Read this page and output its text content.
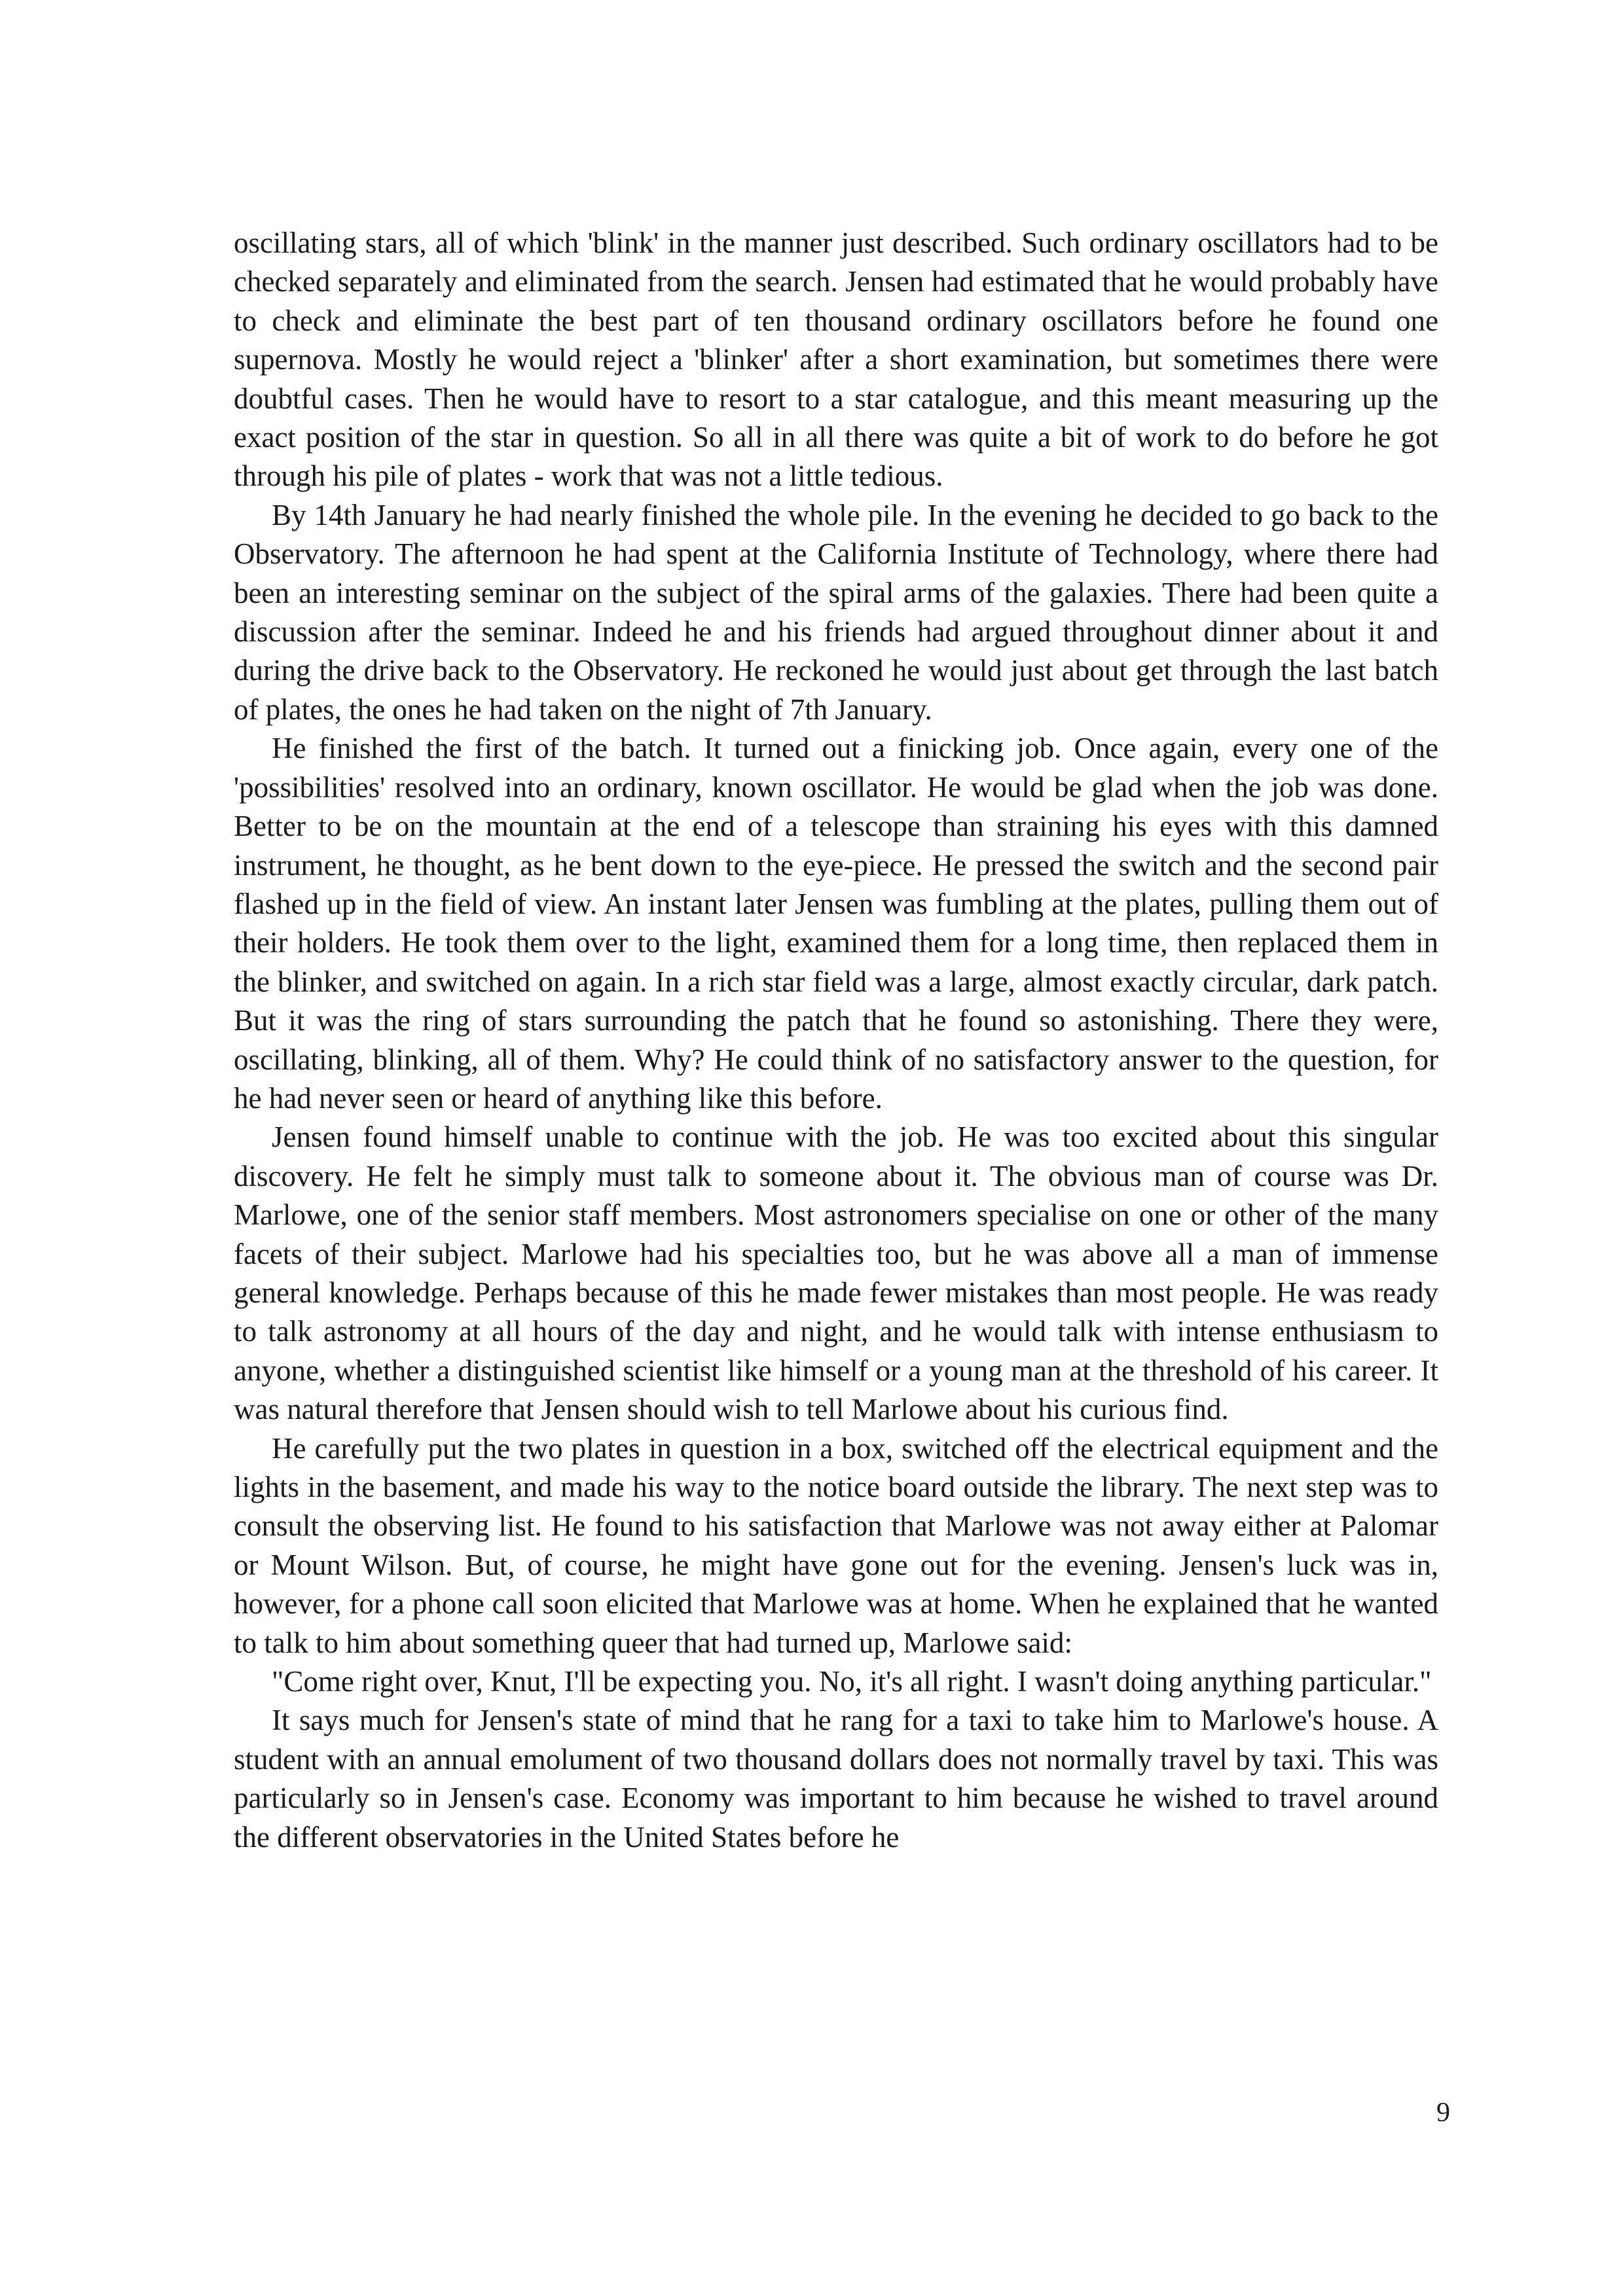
oscillating stars, all of which 'blink' in the manner just described. Such ordinary oscillators had to be checked separately and eliminated from the search. Jensen had estimated that he would probably have to check and eliminate the best part of ten thousand ordinary oscillators before he found one supernova. Mostly he would reject a 'blinker' after a short examination, but sometimes there were doubtful cases. Then he would have to resort to a star catalogue, and this meant measuring up the exact position of the star in question. So all in all there was quite a bit of work to do before he got through his pile of plates - work that was not a little tedious.

By 14th January he had nearly finished the whole pile. In the evening he decided to go back to the Observatory. The afternoon he had spent at the California Institute of Technology, where there had been an interesting seminar on the subject of the spiral arms of the galaxies. There had been quite a discussion after the seminar. Indeed he and his friends had argued throughout dinner about it and during the drive back to the Observatory. He reckoned he would just about get through the last batch of plates, the ones he had taken on the night of 7th January.

He finished the first of the batch. It turned out a finicking job. Once again, every one of the 'possibilities' resolved into an ordinary, known oscillator. He would be glad when the job was done. Better to be on the mountain at the end of a telescope than straining his eyes with this damned instrument, he thought, as he bent down to the eye-piece. He pressed the switch and the second pair flashed up in the field of view. An instant later Jensen was fumbling at the plates, pulling them out of their holders. He took them over to the light, examined them for a long time, then replaced them in the blinker, and switched on again. In a rich star field was a large, almost exactly circular, dark patch. But it was the ring of stars surrounding the patch that he found so astonishing. There they were, oscillating, blinking, all of them. Why? He could think of no satisfactory answer to the question, for he had never seen or heard of anything like this before.

Jensen found himself unable to continue with the job. He was too excited about this singular discovery. He felt he simply must talk to someone about it. The obvious man of course was Dr. Marlowe, one of the senior staff members. Most astronomers specialise on one or other of the many facets of their subject. Marlowe had his specialties too, but he was above all a man of immense general knowledge. Perhaps because of this he made fewer mistakes than most people. He was ready to talk astronomy at all hours of the day and night, and he would talk with intense enthusiasm to anyone, whether a distinguished scientist like himself or a young man at the threshold of his career. It was natural therefore that Jensen should wish to tell Marlowe about his curious find.

He carefully put the two plates in question in a box, switched off the electrical equipment and the lights in the basement, and made his way to the notice board outside the library. The next step was to consult the observing list. He found to his satisfaction that Marlowe was not away either at Palomar or Mount Wilson. But, of course, he might have gone out for the evening. Jensen's luck was in, however, for a phone call soon elicited that Marlowe was at home. When he explained that he wanted to talk to him about something queer that had turned up, Marlowe said:

"Come right over, Knut, I'll be expecting you. No, it's all right. I wasn't doing anything particular."

It says much for Jensen's state of mind that he rang for a taxi to take him to Marlowe's house. A student with an annual emolument of two thousand dollars does not normally travel by taxi. This was particularly so in Jensen's case. Economy was important to him because he wished to travel around the different observatories in the United States before he

9
